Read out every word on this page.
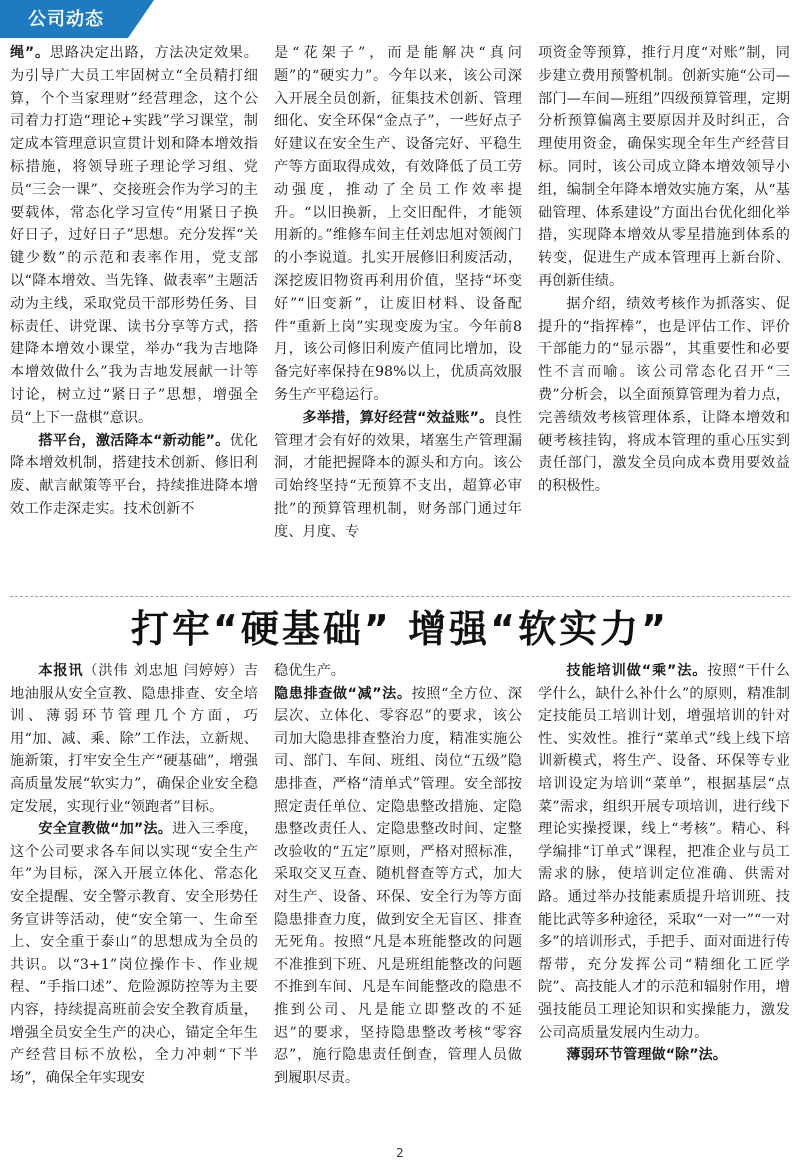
公司动态

绳”。思路决定出路，方法决定效果。为引导广大员工牢固树立“全员精打细算，个个当家理财”经营理念，这个公司着力打造“理论+实践”学习课堂，制定成本管理意识宣贯计划和降本增效指标措施，将领导班子理论学习组、党员“三会一课”、交接班会作为学习的主要载体，常态化学习宣传“用紧日子换好日子，过好日子”思想。充分发挥“关键少数”的示范和表率作用，党支部以“降本增效、当先锋、做表率”主题活动为主线，采取党员干部形势任务、目标责任、讲党课、读书分享等方式，搭建降本增效小课堂，举办“我为吉地降本增效做什么”我为吉地发展献一计等讨论，树立过“紧日子”思想，增强全员“上下一盘棋”意识。

搭平台，激活降本“新动能”。优化降本增效机制，搭建技术创新、修旧利废、献言献策等平台，持续推进降本增效工作走深走实。技术创新不

是“花架子”，而是能解决“真问题”的“硬实力”。今年以来，该公司深入开展全员创新，征集技术创新、管理细化、安全环保“金点子”，一些好点子好建议在安全生产、设备完好、平稳生产等方面取得成效，有效降低了员工劳动强度，推动了全员工作效率提升。“以旧换新，上交旧配件，才能领用新的。”维修车间主任刘忠旭对领阀门的小李说道。扎实开展修旧利废活动，深挖废旧物资再利用价值，坚持“坏变好”“旧变新”，让废旧材料、设备配件“重新上岗”实现变废为宝。今年前8月，该公司修旧利废产值同比增加，设备完好率保持在98%以上，优质高效服务生产平稳运行。

多举措，算好经营“效益账”。良性管理才会有好的效果，堵塞生产管理漏洞，才能把握降本的源头和方向。该公司始终坚持“无预算不支出，超算必审批”的预算管理机制，财务部门通过年度、月度、专

项资金等预算，推行月度“对账”制，同步建立费用预警机制。创新实施“公司—部门—车间—班组”四级预算管理，定期分析预算偏离主要原因并及时纠正，合理使用资金，确保实现全年生产经营目标。同时，该公司成立降本增效领导小组，编制全年降本增效实施方案，从“基础管理、体系建设”方面出台优化细化举措，实现降本增效从零星措施到体系的转变，促进生产成本管理再上新台阶、再创新佳绩。

据介绍，绩效考核作为抓落实、促提升的“指挥棒”，也是评估工作、评价干部能力的“显示器”，其重要性和必要性不言而喻。该公司常态化召开“三费”分析会，以全面预算管理为着力点，完善绩效考核管理体系，让降本增效和硬考核挂钩，将成本管理的重心压实到责任部门，激发全员向成本费用要效益的积极性。

打牢“硬基础” 增强“软实力”

本报讯（洪伟 刘忠旭 闫婷婷）吉地油服从安全宣教、隐患排查、安全培训、薄弱环节管理几个方面，巧用“加、减、乘、除”工作法，立新规、施新策，打牢安全生产“硬基础”，增强高质量发展“软实力”，确保企业安全稳定发展，实现行业“领跑者”目标。

安全宣教做“加”法。进入三季度，这个公司要求各车间以实现“安全生产年”为目标，深入开展立体化、常态化安全提醒、安全警示教育、安全形势任务宣讲等活动，使“安全第一、生命至上、安全重于泰山”的思想成为全员的共识。以“3+1”岗位操作卡、作业规程、“手指口述”、危险源防控等为主要内容，持续提高班前会安全教育质量，增强全员安全生产的决心，锚定全年生产经营目标不放松，全力冲刺“下半场”，确保全年实现安

稳优生产。

隐患排查做“减”法。按照“全方位、深层次、立体化、零容忍”的要求，该公司加大隐患排查整治力度，精准实施公司、部门、车间、班组、岗位“五级”隐患排查，严格“清单式”管理。安全部按照定责任单位、定隐患整改措施、定隐患整改责任人、定隐患整改时间、定整改验收的“五定”原则，严格对照标准，采取交叉互查、随机督查等方式，加大对生产、设备、环保、安全行为等方面隐患排查力度，做到安全无盲区、排查无死角。按照“凡是本班能整改的问题不准推到下班、凡是班组能整改的问题不推到车间、凡是车间能整改的隐患不推到公司、凡是能立即整改的不延迟”的要求，坚持隐患整改考核“零容忍”，施行隐患责任倒查，管理人员做到履职尽责。

技能培训做“乘”法。按照“干什么学什么，缺什么补什么”的原则，精准制定技能员工培训计划，增强培训的针对性、实效性。推行“菜单式”线上线下培训新模式，将生产、设备、环保等专业培训设定为培训“菜单”，根据基层“点菜”需求，组织开展专项培训，进行线下理论实操授课，线上“考核”。精心、科学编排“订单式”课程，把准企业与员工需求的脉，使培训定位准确、供需对路。通过举办技能素质提升培训班、技能比武等多种途径，采取“一对一”“一对多”的培训形式，手把手、面对面进行传帮带，充分发挥公司“精细化工匠学院”、高技能人才的示范和辐射作用，增强技能员工理论知识和实操能力，激发公司高质量发展内生动力。

薄弱环节管理做“除”法。

2
